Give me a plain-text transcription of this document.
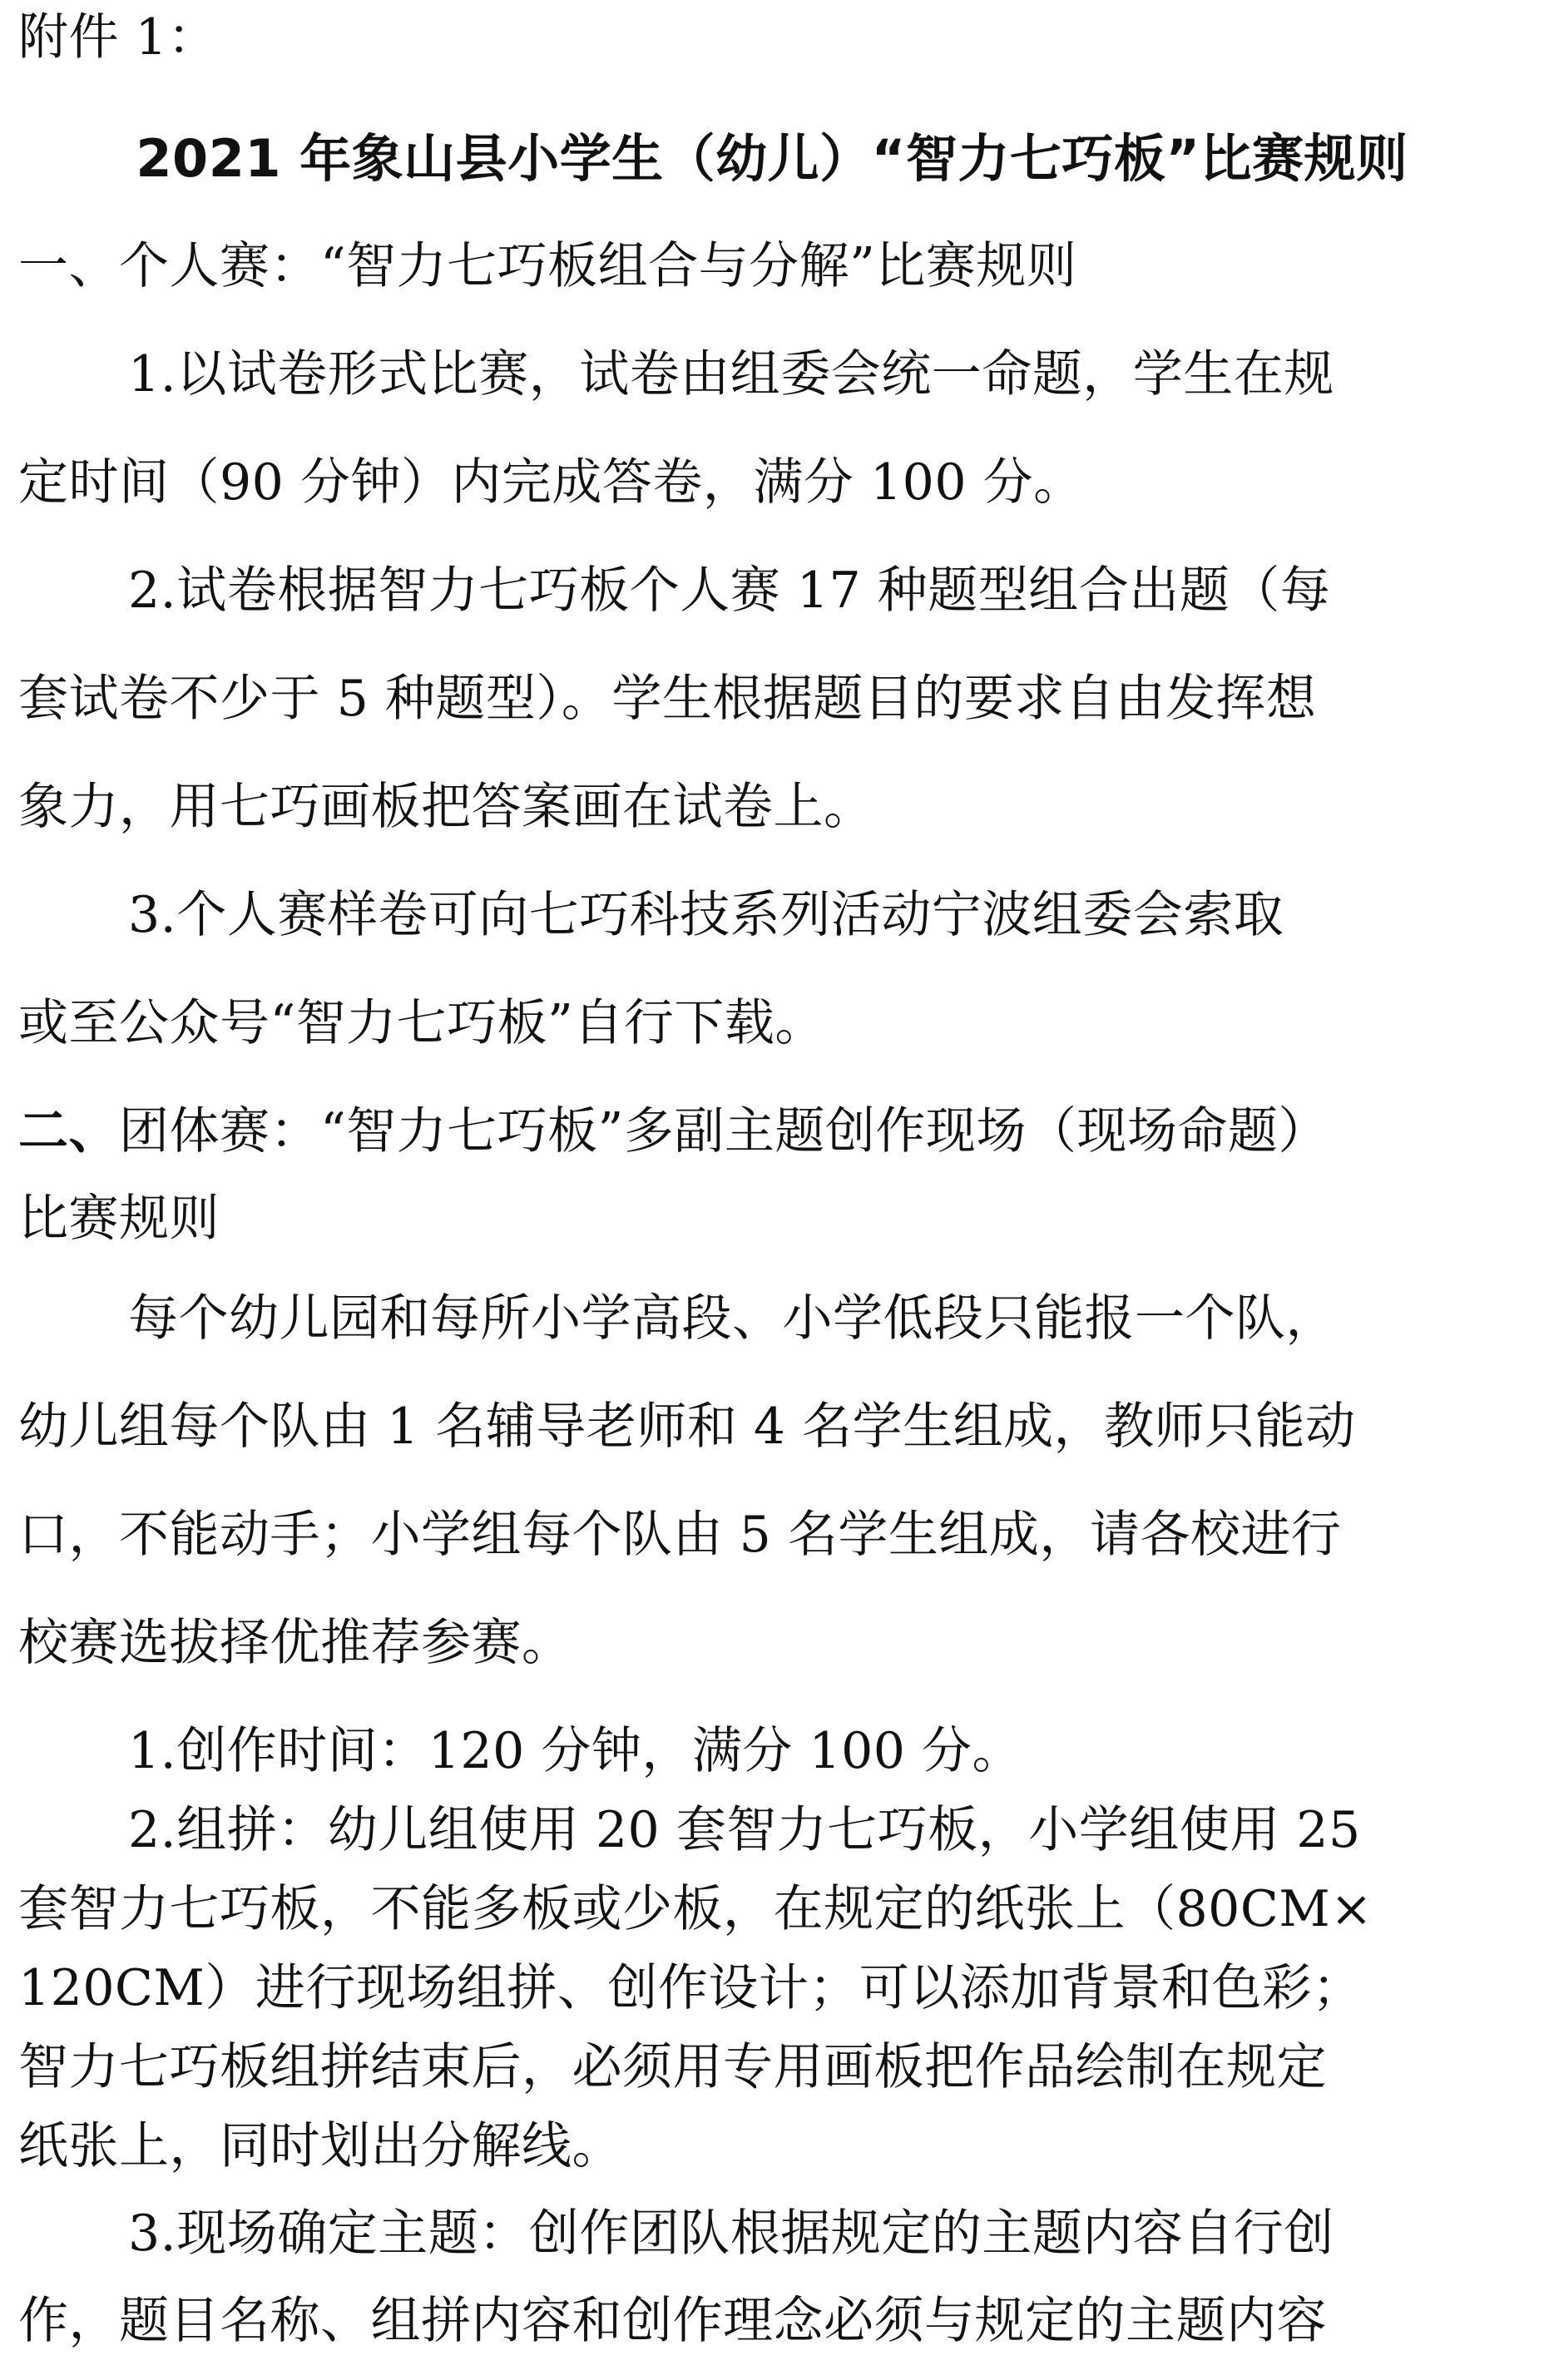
附件 1：
2021 年象山县小学生（幼儿）“智力七巧板”比赛规则
一、个人赛：“智力七巧板组合与分解”比赛规则
1.以试卷形式比赛，试卷由组委会统一命题，学生在规
定时间（90 分钟）内完成答卷，满分 100 分。
2.试卷根据智力七巧板个人赛 17 种题型组合出题（每
套试卷不少于 5 种题型）。学生根据题目的要求自由发挥想
象力，用七巧画板把答案画在试卷上。
3.个人赛样卷可向七巧科技系列活动宁波组委会索取
或至公众号“智力七巧板”自行下载。
二、团体赛：“智力七巧板”多副主题创作现场（现场命题）
比赛规则
每个幼儿园和每所小学高段、小学低段只能报一个队，
幼儿组每个队由 1 名辅导老师和 4 名学生组成，教师只能动
口，不能动手；小学组每个队由 5 名学生组成，请各校进行
校赛选拔择优推荐参赛。
1.创作时间：120 分钟，满分 100 分。
2.组拼：幼儿组使用 20 套智力七巧板，小学组使用 25
套智力七巧板，不能多板或少板，在规定的纸张上（80CM×
120CM）进行现场组拼、创作设计；可以添加背景和色彩；
智力七巧板组拼结束后，必须用专用画板把作品绘制在规定
纸张上，同时划出分解线。
3.现场确定主题：创作团队根据规定的主题内容自行创
作，题目名称、组拼内容和创作理念必须与规定的主题内容
